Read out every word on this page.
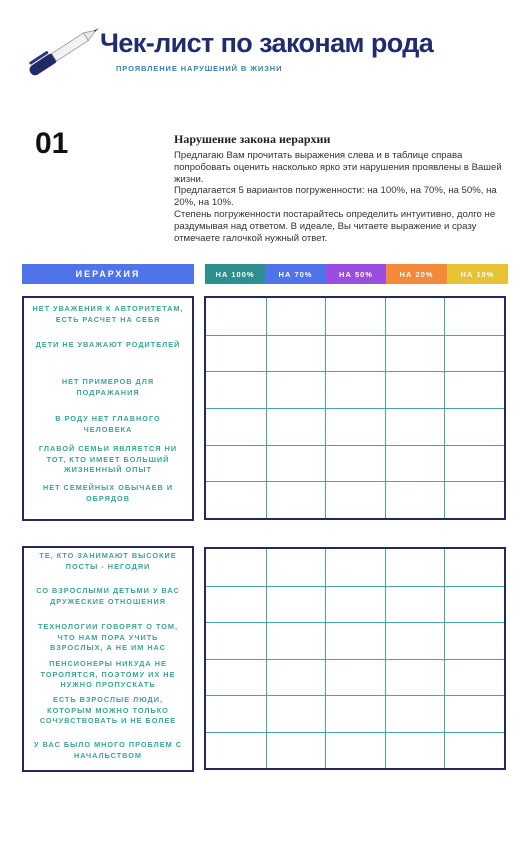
Чек-лист по законам рода
ПРОЯВЛЕНИЕ НАРУШЕНИЙ В ЖИЗНИ
01	Нарушение закона иерархии

Предлагаю Вам прочитать выражения слева и в таблице справа попробовать оценить насколько ярко эти нарушения проявлены в Вашей жизни.

Предлагается 5 вариантов погруженности: на 100%, на 70%, на 50%, на 20%, на 10%.

Степень погруженности постарайтесь определить интуитивно, долго не раздумывая над ответом. В идеале, Вы читаете выражение и сразу отмечаете галочкой нужный ответ.

ИЕРАРХИЯ	НА 100%	НА 70%	НА 50%	НА 20%	НА 10%
НЕТ УВАЖЕНИЯ К АВТОРИТЕТАМ, ЕСТЬ РАСЧЕТ НА СЕБЯ
ДЕТИ НЕ УВАЖАЮТ РОДИТЕЛЕЙ
НЕТ ПРИМЕРОВ ДЛЯ ПОДРАЖАНИЯ
В РОДУ НЕТ ГЛАВНОГО ЧЕЛОВЕКА
ГЛАВОЙ СЕМЬИ ЯВЛЯЕТСЯ НИ ТОТ, КТО ИМЕЕТ БОЛЬШИЙ ЖИЗНЕННЫЙ ОПЫТ
НЕТ СЕМЕЙНЫХ ОБЫЧАЕВ И ОБРЯДОВ
ТЕ, КТО ЗАНИМАЮТ ВЫСОКИЕ ПОСТЫ - НЕГОДЯИ
СО ВЗРОСЛЫМИ ДЕТЬМИ У ВАС ДРУЖЕСКИЕ ОТНОШЕНИЯ
ТЕХНОЛОГИИ ГОВОРЯТ О ТОМ, ЧТО НАМ ПОРА УЧИТЬ ВЗРОСЛЫХ, А НЕ ИМ НАС
ПЕНСИОНЕРЫ НИКУДА НЕ ТОРОПЯТСЯ, ПОЭТОМУ ИХ НЕ НУЖНО ПРОПУСКАТЬ
ЕСТЬ ВЗРОСЛЫЕ ЛЮДИ, КОТОРЫМ МОЖНО ТОЛЬКО СОЧУВСТВОВАТЬ И НЕ БОЛЕЕ
У ВАС БЫЛО МНОГО ПРОБЛЕМ С НАЧАЛЬСТВОМ
